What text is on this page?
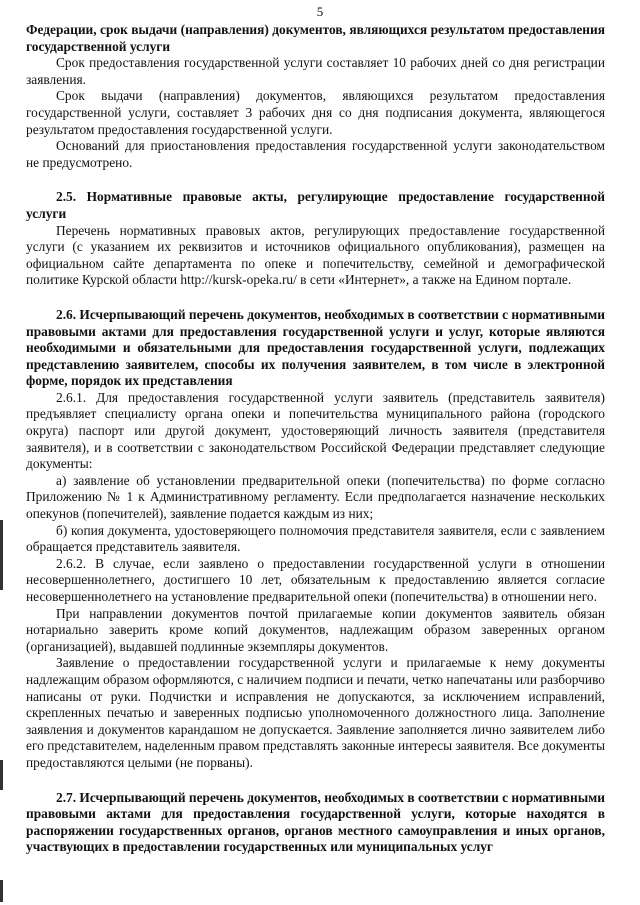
5

Федерации, срок выдачи (направления) документов, являющихся результатом предоставления государственной услуги

Срок предоставления государственной услуги составляет 10 рабочих дней со дня регистрации заявления.

Срок выдачи (направления) документов, являющихся результатом предоставления государственной услуги, составляет 3 рабочих дня со дня подписания документа, являющегося результатом предоставления государственной услуги.

Оснований для приостановления предоставления государственной услуги законодательством не предусмотрено.

2.5. Нормативные правовые акты, регулирующие предоставление государственной услуги

Перечень нормативных правовых актов, регулирующих предоставление государственной услуги (с указанием их реквизитов и источников официального опубликования), размещен на официальном сайте департамента по опеке и попечительству, семейной и демографической политике Курской области http://kursk-opeka.ru/ в сети «Интернет», а также на Едином портале.

2.6. Исчерпывающий перечень документов, необходимых в соответствии с нормативными правовыми актами для предоставления государственной услуги и услуг, которые являются необходимыми и обязательными для предоставления государственной услуги, подлежащих представлению заявителем, способы их получения заявителем, в том числе в электронной форме, порядок их представления

2.6.1. Для предоставления государственной услуги заявитель (представитель заявителя) предъявляет специалисту органа опеки и попечительства муниципального района (городского округа) паспорт или другой документ, удостоверяющий личность заявителя (представителя заявителя), и в соответствии с законодательством Российской Федерации представляет следующие документы:

а) заявление об установлении предварительной опеки (попечительства) по форме согласно Приложению № 1 к Административному регламенту. Если предполагается назначение нескольких опекунов (попечителей), заявление подается каждым из них;

б) копия документа, удостоверяющего полномочия представителя заявителя, если с заявлением обращается представитель заявителя.

2.6.2. В случае, если заявлено о предоставлении государственной услуги в отношении несовершеннолетнего, достигшего 10 лет, обязательным к предоставлению является согласие несовершеннолетнего на установление предварительной опеки (попечительства) в отношении него.

При направлении документов почтой прилагаемые копии документов заявитель обязан нотариально заверить кроме копий документов, надлежащим образом заверенных органом (организацией), выдавшей подлинные экземпляры документов.

Заявление о предоставлении государственной услуги и прилагаемые к нему документы надлежащим образом оформляются, с наличием подписи и печати, четко напечатаны или разборчиво написаны от руки. Подчистки и исправления не допускаются, за исключением исправлений, скрепленных печатью и заверенных подписью уполномоченного должностного лица. Заполнение заявления и документов карандашом не допускается. Заявление заполняется лично заявителем либо его представителем, наделенным правом представлять законные интересы заявителя. Все документы предоставляются целыми (не порваны).

2.7. Исчерпывающий перечень документов, необходимых в соответствии с нормативными правовыми актами для предоставления государственной услуги, которые находятся в распоряжении государственных органов, органов местного самоуправления и иных органов, участвующих в предоставлении государственных или муниципальных услуг
